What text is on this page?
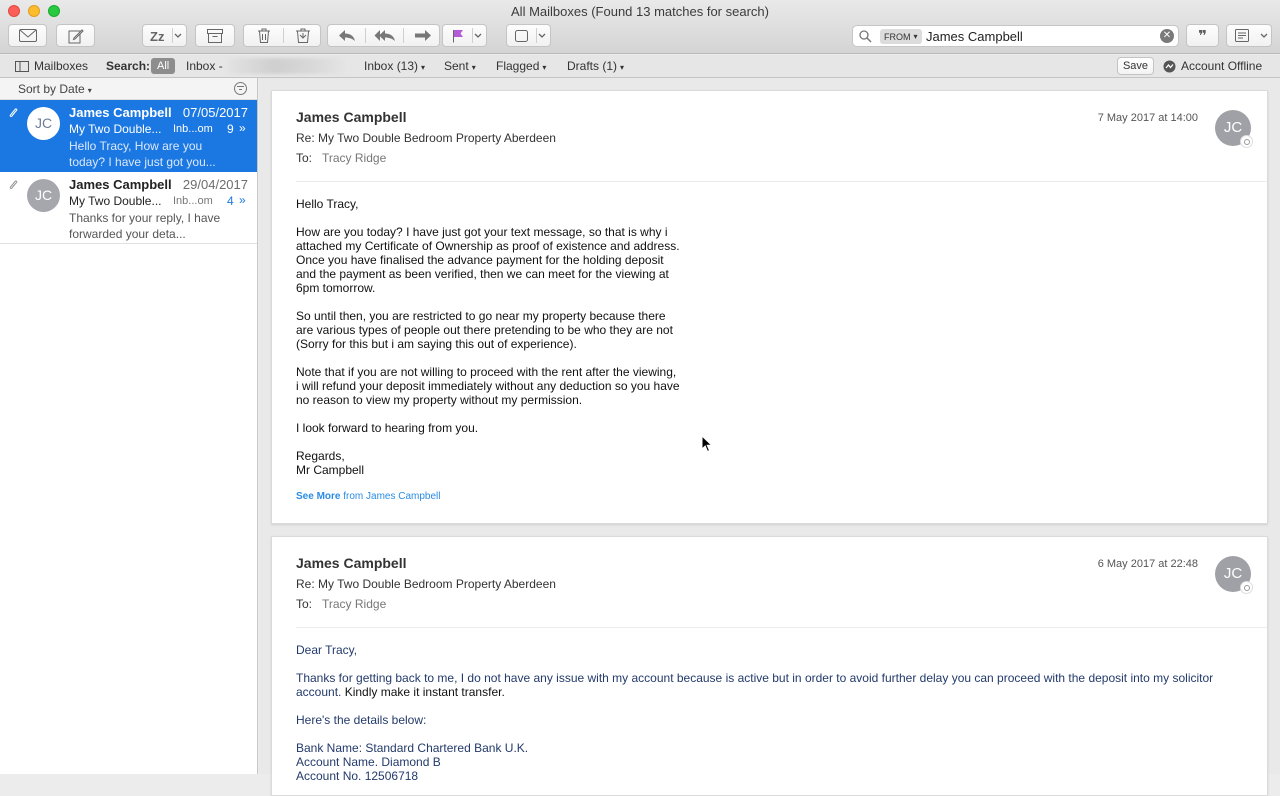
All Mailboxes (Found 13 matches for search)
Zz	FROM ▾ James Campbell	✕ ❞
Mailboxes Search: All	Inbox -	Inbox (13) ▾ Sent ▾ Flagged ▾ Drafts (1) ▾	Save	Account Offline
Sort by Date ▾
JC
James Campbell 07/05/2017
My Two Double... Inb...om 9 »
Hello Tracy, How are you today? I have just got you...
JC
James Campbell 29/04/2017
My Two Double... Inb...om 4 »
Thanks for your reply, I have forwarded your deta...
James Campbell
Re: My Two Double Bedroom Property Aberdeen
To: Tracy Ridge
7 May 2017 at 14:00
JC

Hello Tracy,

How are you today? I have just got your text message, so that is why i attached my Certificate of Ownership as proof of existence and address. Once you have finalised the advance payment for the holding deposit and the payment as been verified, then we can meet for the viewing at 6pm tomorrow.

So until then, you are restricted to go near my property because there are various types of people out there pretending to be who they are not (Sorry for this but i am saying this out of experience).

Note that if you are not willing to proceed with the rent after the viewing, i will refund your deposit immediately without any deduction so you have no reason to view my property without my permission.

I look forward to hearing from you.

Regards,
Mr Campbell
See More from James Campbell
James Campbell
Re: My Two Double Bedroom Property Aberdeen
To: Tracy Ridge
6 May 2017 at 22:48
JC

Dear Tracy,

Thanks for getting back to me, I do not have any issue with my account because is active but in order to avoid further delay you can proceed with the deposit into my solicitor account. Kindly make it instant transfer.

Here's the details below:

Bank Name: Standard Chartered Bank U.K.
Account Name. Diamond B
Account No. 12506718
